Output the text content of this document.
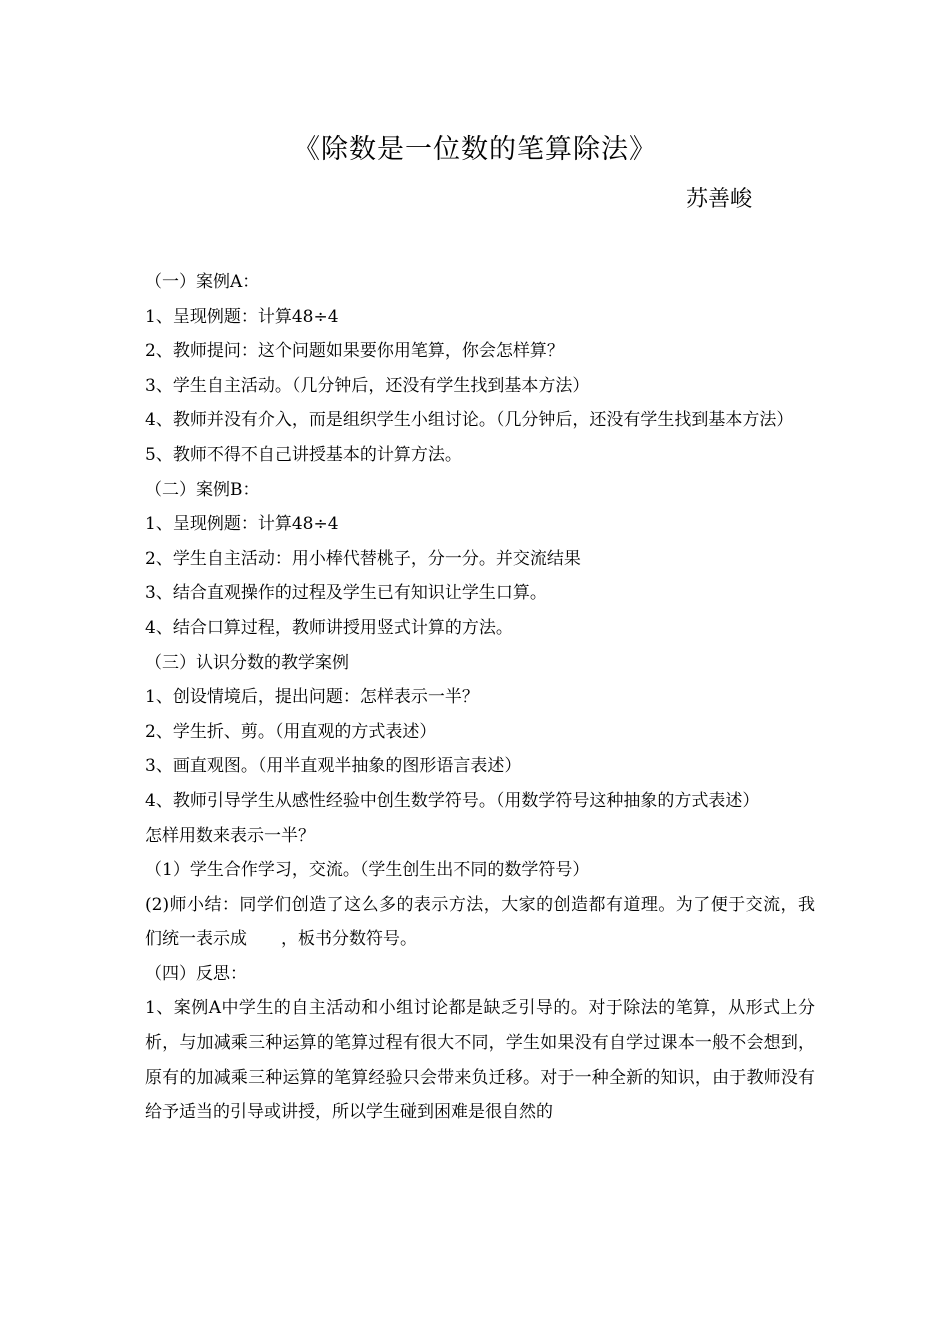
《除数是一位数的笔算除法》
苏善峻
（一）案例A：
1、呈现例题：计算48÷4
2、教师提问：这个问题如果要你用笔算，你会怎样算？
3、学生自主活动。（几分钟后，还没有学生找到基本方法）
4、教师并没有介入，而是组织学生小组讨论。（几分钟后，还没有学生找到基本方法）
5、教师不得不自己讲授基本的计算方法。
（二）案例B：
1、呈现例题：计算48÷4
2、学生自主活动：用小棒代替桃子，分一分。并交流结果
3、结合直观操作的过程及学生已有知识让学生口算。
4、结合口算过程，教师讲授用竖式计算的方法。
（三）认识分数的教学案例
1、创设情境后，提出问题：怎样表示一半？
2、学生折、剪。（用直观的方式表述）
3、画直观图。（用半直观半抽象的图形语言表述）
4、教师引导学生从感性经验中创生数学符号。（用数学符号这种抽象的方式表述）
怎样用数来表示一半？
（1）学生合作学习，交流。（学生创生出不同的数学符号）
(2)师小结：同学们创造了这么多的表示方法，大家的创造都有道理。为了便于交流，我们统一表示成　　，板书分数符号。
（四）反思：
1、案例A中学生的自主活动和小组讨论都是缺乏引导的。对于除法的笔算，从形式上分析，与加减乘三种运算的笔算过程有很大不同，学生如果没有自学过课本一般不会想到，原有的加减乘三种运算的笔算经验只会带来负迁移。对于一种全新的知识，由于教师没有给予适当的引导或讲授，所以学生碰到困难是很自然的
